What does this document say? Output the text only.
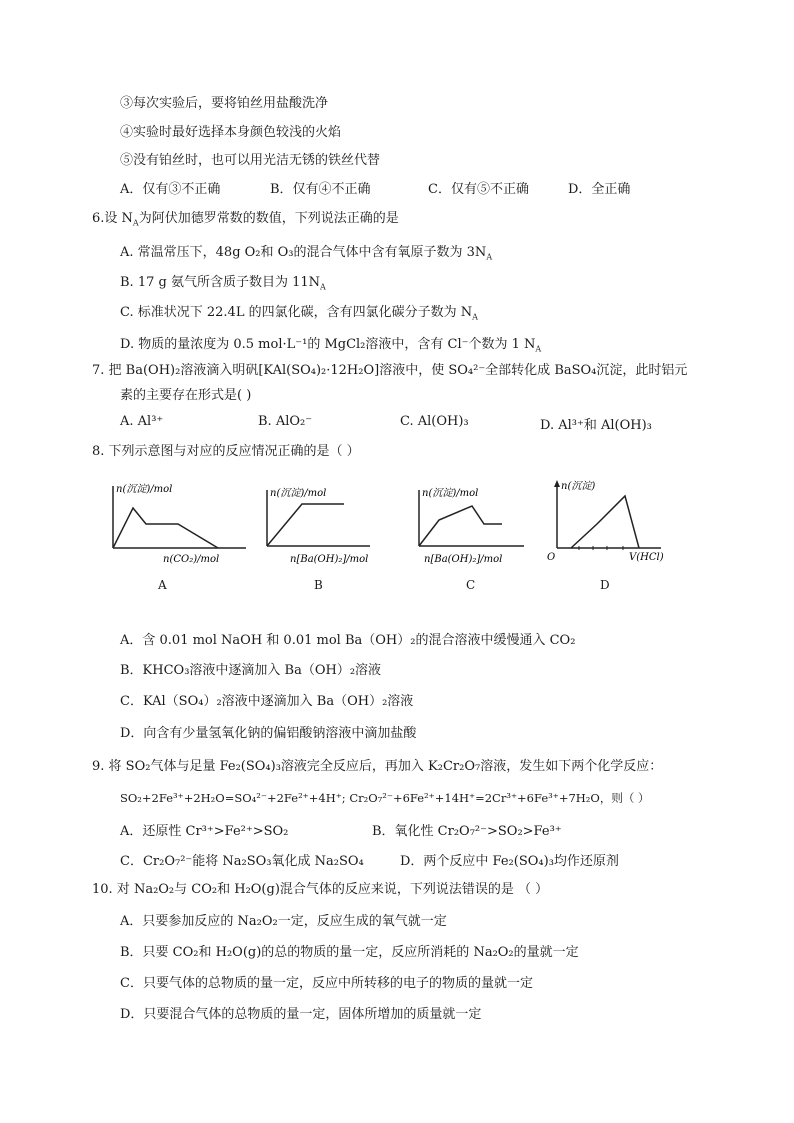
③每次实验后，要将铂丝用盐酸洗净
④实验时最好选择本身颜色较浅的火焰
⑤没有铂丝时，也可以用光洁无锈的铁丝代替
A．仅有③不正确	B．仅有④不正确	C．仅有⑤不正确	D．全正确
6.设 $N_A$为阿伏加德罗常数的数值，下列说法正确的是
A. 常温常压下，48g O₂和 O₃的混合气体中含有氧原子数为 $3N_A$
B. 17 g 氨气所含质子数目为 $11N_A$
C. 标准状况下 22.4L 的四氯化碳，含有四氯化碳分子数为 $N_A$
D. 物质的量浓度为 0.5 mol·L⁻¹的 MgCl₂溶液中，含有 Cl⁻个数为 1 $N_A$
7. 把 Ba(OH)₂溶液滴入明矾[KAl(SO₄)₂·12H₂O]溶液中，使 SO₄²⁻全部转化成 BaSO₄沉淀，此时铝元
素的主要存在形式是( )
A. Al³⁺	B. AlO₂⁻	C. Al(OH)₃	D. Al³⁺和 Al(OH)₃
8. 下列示意图与对应的反应情况正确的是（ ）
n(沉淀)/mol
n(CO₂)/mol
A
n(沉淀)/mol
n[Ba(OH)₂]/mol
B
n(沉淀)/mol
n[Ba(OH)₂]/mol
C
n(沉淀)
O	V(HCl)
D
A．含 0.01 mol NaOH 和 0.01 mol Ba（OH）₂的混合溶液中缓慢通入 CO₂
B．KHCO₃溶液中逐滴加入 Ba（OH）₂溶液
C．KAl（SO₄）₂溶液中逐滴加入 Ba（OH）₂溶液
D．向含有少量氢氧化钠的偏铝酸钠溶液中滴加盐酸
9. 将 SO₂气体与足量 Fe₂(SO₄)₃溶液完全反应后，再加入 K₂Cr₂O₇溶液，发生如下两个化学反应：
SO₂+2Fe³⁺+2H₂O=SO₄²⁻+2Fe²⁺+4H⁺; Cr₂O₇²⁻+6Fe²⁺+14H⁺=2Cr³⁺+6Fe³⁺+7H₂O，则（ ）
A．还原性 Cr³⁺>Fe²⁺>SO₂	B．氧化性 Cr₂O₇²⁻>SO₂>Fe³⁺
C．Cr₂O₇²⁻能将 Na₂SO₃氧化成 Na₂SO₄	D．两个反应中 Fe₂(SO₄)₃均作还原剂
10. 对 Na₂O₂与 CO₂和 H₂O(g)混合气体的反应来说，下列说法错误的是 （ ）
A．只要参加反应的 Na₂O₂一定，反应生成的氧气就一定
B．只要 CO₂和 H₂O(g)的总的物质的量一定，反应所消耗的 Na₂O₂的量就一定
C．只要气体的总物质的量一定，反应中所转移的电子的物质的量就一定
D．只要混合气体的总物质的量一定，固体所增加的质量就一定
